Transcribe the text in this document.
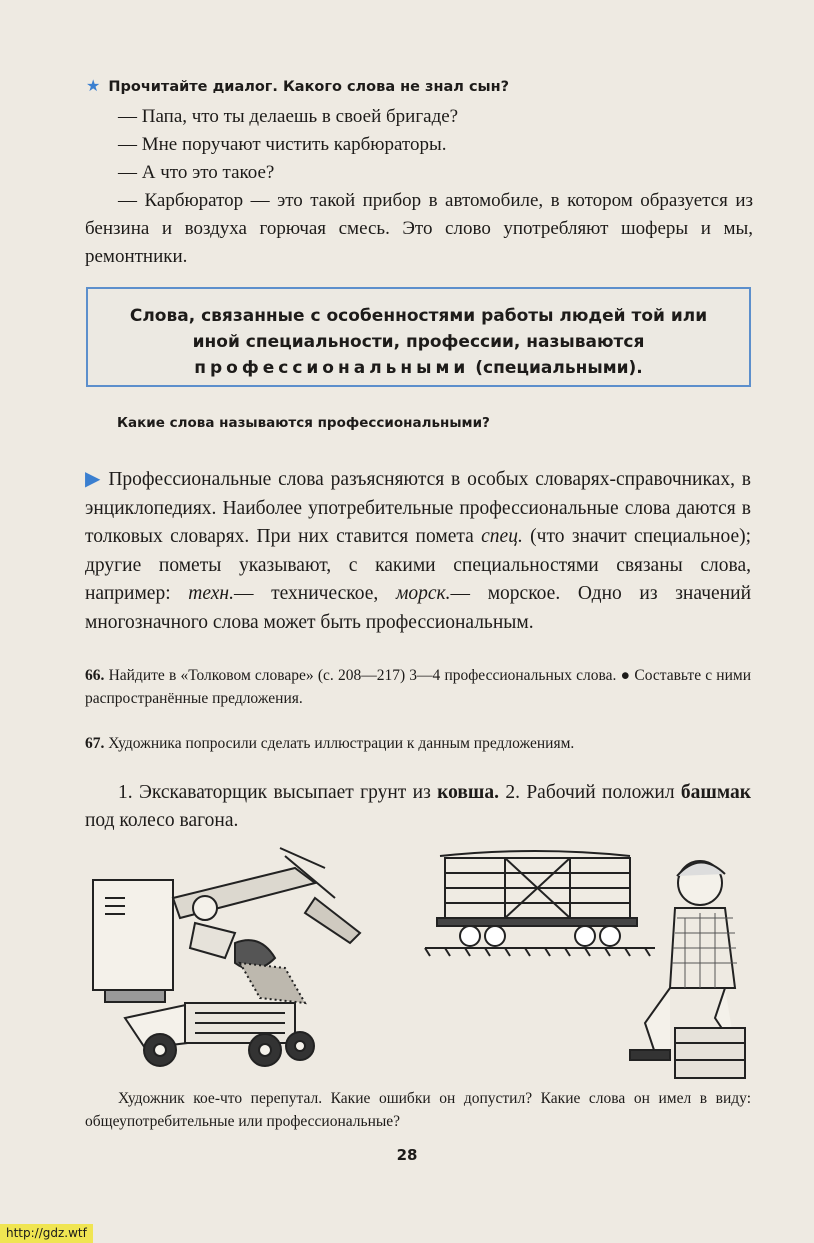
★ Прочитайте диалог. Какого слова не знал сын?

— Папа, что ты делаешь в своей бригаде?

— Мне поручают чистить карбюраторы.

— А что это такое?

— Карбюратор — это такой прибор в автомобиле, в котором образуется из бензина и воздуха горючая смесь. Это слово употребляют шоферы и мы, ремонтники.

Слова, связанные с особенностями работы людей той или иной специальности, профессии, называются профессиональными (специальными).
Какие слова называются профессиональными?
▶ Профессиональные слова разъясняются в особых словарях-справочниках, в энциклопедиях. Наиболее употребительные профессиональные слова даются в толковых словарях. При них ставится помета спец. (что значит специальное); другие пометы указывают, с какими специальностями связаны слова, например: техн.— техническое, морск.— морское. Одно из значений многозначного слова может быть профессиональным.
66. Найдите в «Толковом словаре» (с. 208—217) 3—4 профессиональных слова. ● Составьте с ними распространённые предложения.
67. Художника попросили сделать иллюстрации к данным предложениям.

1. Экскаваторщик высыпает грунт из ковша. 2. Рабочий положил башмак под колесо вагона.

Художник кое-что перепутал. Какие ошибки он допустил? Какие слова он имел в виду: общеупотребительные или профессиональные?

28
http://gdz.wtf
